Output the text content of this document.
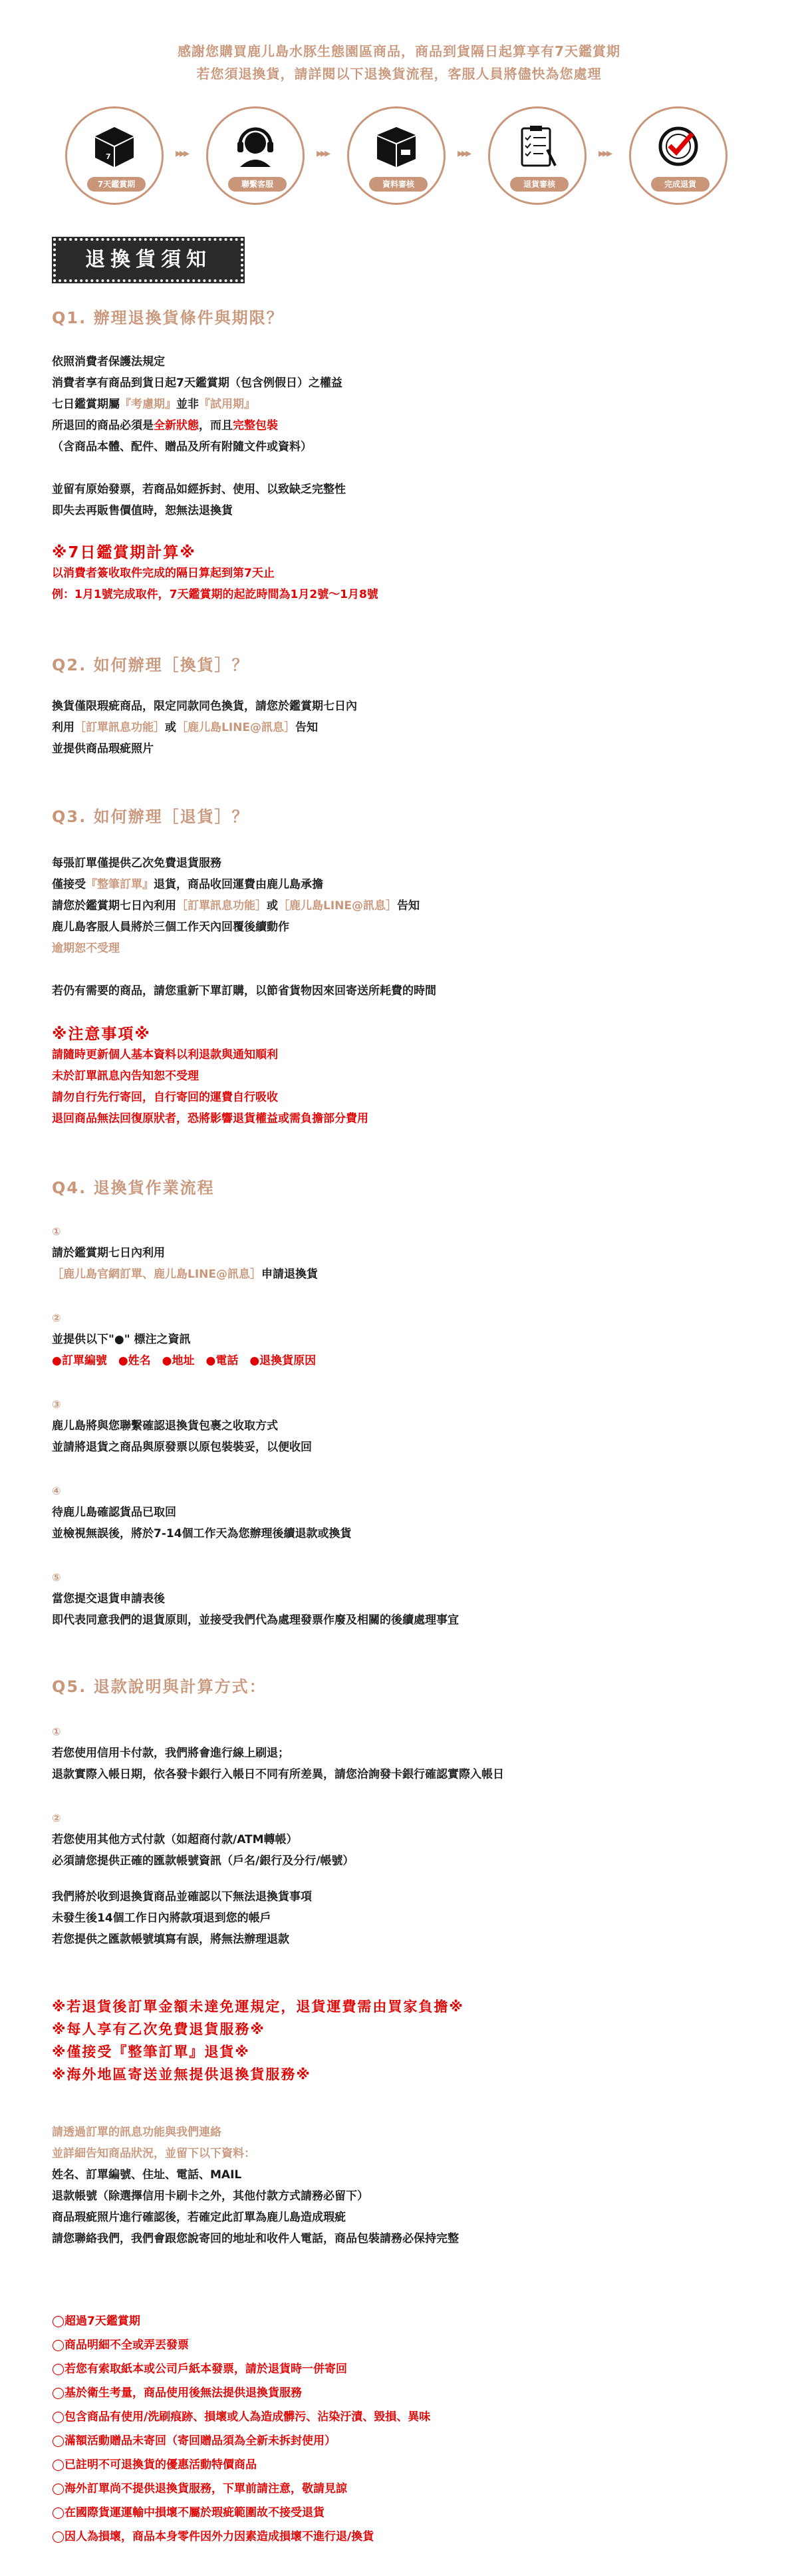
感謝您購買鹿儿島水豚生態園區商品，商品到貨隔日起算享有7天鑑賞期
若您須退換貨，請詳閱以下退換貨流程，客服人員將儘快為您處理
7
7天鑑賞期
▸▸▸
聯繫客服
▸▸▸
資料審核
▸▸▸
退貨審核
▸▸▸
完成退貨
退換貨須知
Q1. 辦理退換貨條件與期限？
依照消費者保護法規定
消費者享有商品到貨日起7天鑑賞期（包含例假日）之權益
七日鑑賞期屬『考慮期』並非『試用期』
所退回的商品必須是全新狀態，而且完整包裝
（含商品本體、配件、贈品及所有附隨文件或資料）
並留有原始發票，若商品如經拆封、使用、以致缺乏完整性
即失去再販售價值時，恕無法退換貨
※7日鑑賞期計算※
以消費者簽收取件完成的隔日算起到第7天止
例：1月1號完成取件，7天鑑賞期的起訖時間為1月2號～1月8號
Q2. 如何辦理［換貨］？
換貨僅限瑕疵商品，限定同款同色換貨，請您於鑑賞期七日內
利用［訂單訊息功能］或［鹿儿島LINE@訊息］告知
並提供商品瑕疵照片
Q3. 如何辦理［退貨］？
每張訂單僅提供乙次免費退貨服務
僅接受『整筆訂單』退貨，商品收回運費由鹿儿島承擔
請您於鑑賞期七日內利用［訂單訊息功能］或［鹿儿島LINE@訊息］告知
鹿儿島客服人員將於三個工作天內回覆後續動作
逾期恕不受理
若仍有需要的商品，請您重新下單訂購，以節省貨物因來回寄送所耗費的時間
※注意事項※
請隨時更新個人基本資料以利退款與通知順利
未於訂單訊息內告知恕不受理
請勿自行先行寄回，自行寄回的運費自行吸收
退回商品無法回復原狀者，恐將影響退貨權益或需負擔部分費用
Q4. 退換貨作業流程
①
請於鑑賞期七日內利用
［鹿儿島官網訂單、鹿儿島LINE@訊息］申請退換貨
②
並提供以下"●" 標注之資訊
●訂單編號　●姓名　●地址　●電話　●退換貨原因
③
鹿儿島將與您聯繫確認退換貨包裹之收取方式
並請將退貨之商品與原發票以原包裝裝妥，以便收回
④
待鹿儿島確認貨品已取回
並檢視無誤後，將於7-14個工作天為您辦理後續退款或換貨
⑤
當您提交退貨申請表後
即代表同意我們的退貨原則，並接受我們代為處理發票作廢及相關的後續處理事宜
Q5. 退款說明與計算方式：
①
若您使用信用卡付款，我們將會進行線上刷退；
退款實際入帳日期，依各發卡銀行入帳日不同有所差異，請您洽詢發卡銀行確認實際入帳日
②
若您使用其他方式付款（如超商付款/ATM轉帳）
必須請您提供正確的匯款帳號資訊（戶名/銀行及分行/帳號）
我們將於收到退換貨商品並確認以下無法退換貨事項
未發生後14個工作日內將款項退到您的帳戶
若您提供之匯款帳號填寫有誤，將無法辦理退款
※若退貨後訂單金額未達免運規定，退貨運費需由買家負擔※
※每人享有乙次免費退貨服務※
※僅接受『整筆訂單』退貨※
※海外地區寄送並無提供退換貨服務※
請透過訂單的訊息功能與我們連絡
並詳細告知商品狀況，並留下以下資料：
姓名、訂單編號、住址、電話、MAIL
退款帳號（除選擇信用卡刷卡之外，其他付款方式請務必留下）
商品瑕疵照片進行確認後，若確定此訂單為鹿儿島造成瑕疵
請您聯絡我們，我們會跟您說寄回的地址和收件人電話，商品包裝請務必保持完整
◯超過7天鑑賞期
◯商品明細不全或弄丟發票
◯若您有索取紙本或公司戶紙本發票，請於退貨時一併寄回
◯基於衛生考量，商品使用後無法提供退換貨服務
◯包含商品有使用/洗刷痕跡、損壞或人為造成髒污、沾染汙漬、毀損、異味
◯滿額活動贈品未寄回（寄回贈品須為全新未拆封使用）
◯已註明不可退換貨的優惠活動特價商品
◯海外訂單尚不提供退換貨服務，下單前請注意，敬請見諒
◯在國際貨運運輸中損壞不屬於瑕疵範圍故不接受退貨
◯因人為損壞，商品本身零件因外力因素造成損壞不進行退/換貨
